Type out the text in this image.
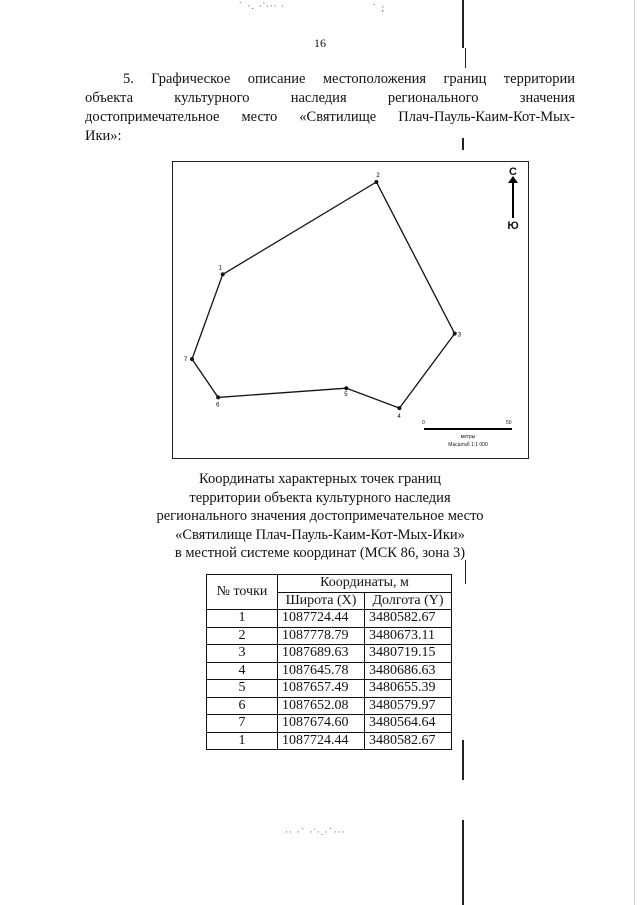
˙ ·. ·‵··· ·	˙ ;
·· ·˙ ·‵·.·˙···
16
5. Графическое описание местоположения границ территории
объекта культурного наследия регионального значения
достопримечательное место «Святилище Плач-Пауль-Каим-Кот-Мых-
Ики»:
1
2
3
4
5
6
7
С
Ю
0	50
метры
Масштаб 1:1 000
Координаты характерных точек границ
территории объекта культурного наследия
регионального значения достопримечательное место
«Святилище Плач-Пауль-Каим-Кот-Мых-Ики»
в местной системе координат (МСК 86, зона 3)
№ точки	Координаты, м	
	Широта (X)	Долгота (Y)
1	1087724.44	3480582.67
2	1087778.79	3480673.11
3	1087689.63	3480719.15
4	1087645.78	3480686.63
5	1087657.49	3480655.39
6	1087652.08	3480579.97
7	1087674.60	3480564.64
1	1087724.44	3480582.67
